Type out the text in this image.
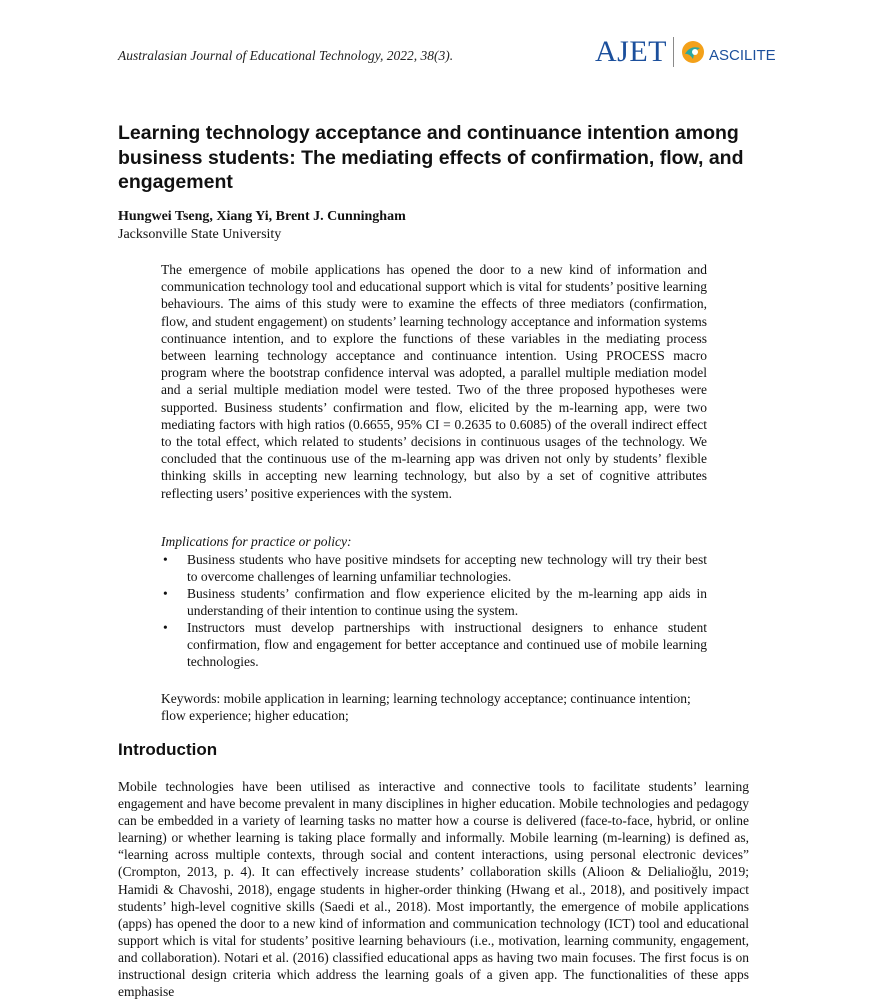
Australasian Journal of Educational Technology, 2022, 38(3).	AJET	ASCILITE
Learning technology acceptance and continuance intention among business students: The mediating effects of confirmation, flow, and engagement
Hungwei Tseng, Xiang Yi, Brent J. Cunningham
Jacksonville State University

The emergence of mobile applications has opened the door to a new kind of information and communication technology tool and educational support which is vital for students’ positive learning behaviours. The aims of this study were to examine the effects of three mediators (confirmation, flow, and student engagement) on students’ learning technology acceptance and information systems continuance intention, and to explore the functions of these variables in the mediating process between learning technology acceptance and continuance intention. Using PROCESS macro program where the bootstrap confidence interval was adopted, a parallel multiple mediation model and a serial multiple mediation model were tested. Two of the three proposed hypotheses were supported. Business students’ confirmation and flow, elicited by the m-learning app, were two mediating factors with high ratios (0.6655, 95% CI = 0.2635 to 0.6085) of the overall indirect effect to the total effect, which related to students’ decisions in continuous usages of the technology. We concluded that the continuous use of the m-learning app was driven not only by students’ flexible thinking skills in accepting new learning technology, but also by a set of cognitive attributes reflecting users’ positive experiences with the system.

Implications for practice or policy:
• Business students who have positive mindsets for accepting new technology will try their best to overcome challenges of learning unfamiliar technologies.
• Business students’ confirmation and flow experience elicited by the m-learning app aids in understanding of their intention to continue using the system.
• Instructors must develop partnerships with instructional designers to enhance student confirmation, flow and engagement for better acceptance and continued use of mobile learning technologies.

Keywords: mobile application in learning; learning technology acceptance; continuance intention; flow experience; higher education;

Introduction

Mobile technologies have been utilised as interactive and connective tools to facilitate students’ learning engagement and have become prevalent in many disciplines in higher education. Mobile technologies and pedagogy can be embedded in a variety of learning tasks no matter how a course is delivered (face-to-face, hybrid, or online learning) or whether learning is taking place formally and informally. Mobile learning (m-learning) is defined as, “learning across multiple contexts, through social and content interactions, using personal electronic devices” (Crompton, 2013, p. 4). It can effectively increase students’ collaboration skills (Alioon & Delialioğlu, 2019; Hamidi & Chavoshi, 2018), engage students in higher-order thinking (Hwang et al., 2018), and positively impact students’ high-level cognitive skills (Saedi et al., 2018). Most importantly, the emergence of mobile applications (apps) has opened the door to a new kind of information and communication technology (ICT) tool and educational support which is vital for students’ positive learning behaviours (i.e., motivation, learning community, engagement, and collaboration). Notari et al. (2016) classified educational apps as having two main focuses. The first focus is on instructional design criteria which address the learning goals of a given app. The functionalities of these apps emphasise
